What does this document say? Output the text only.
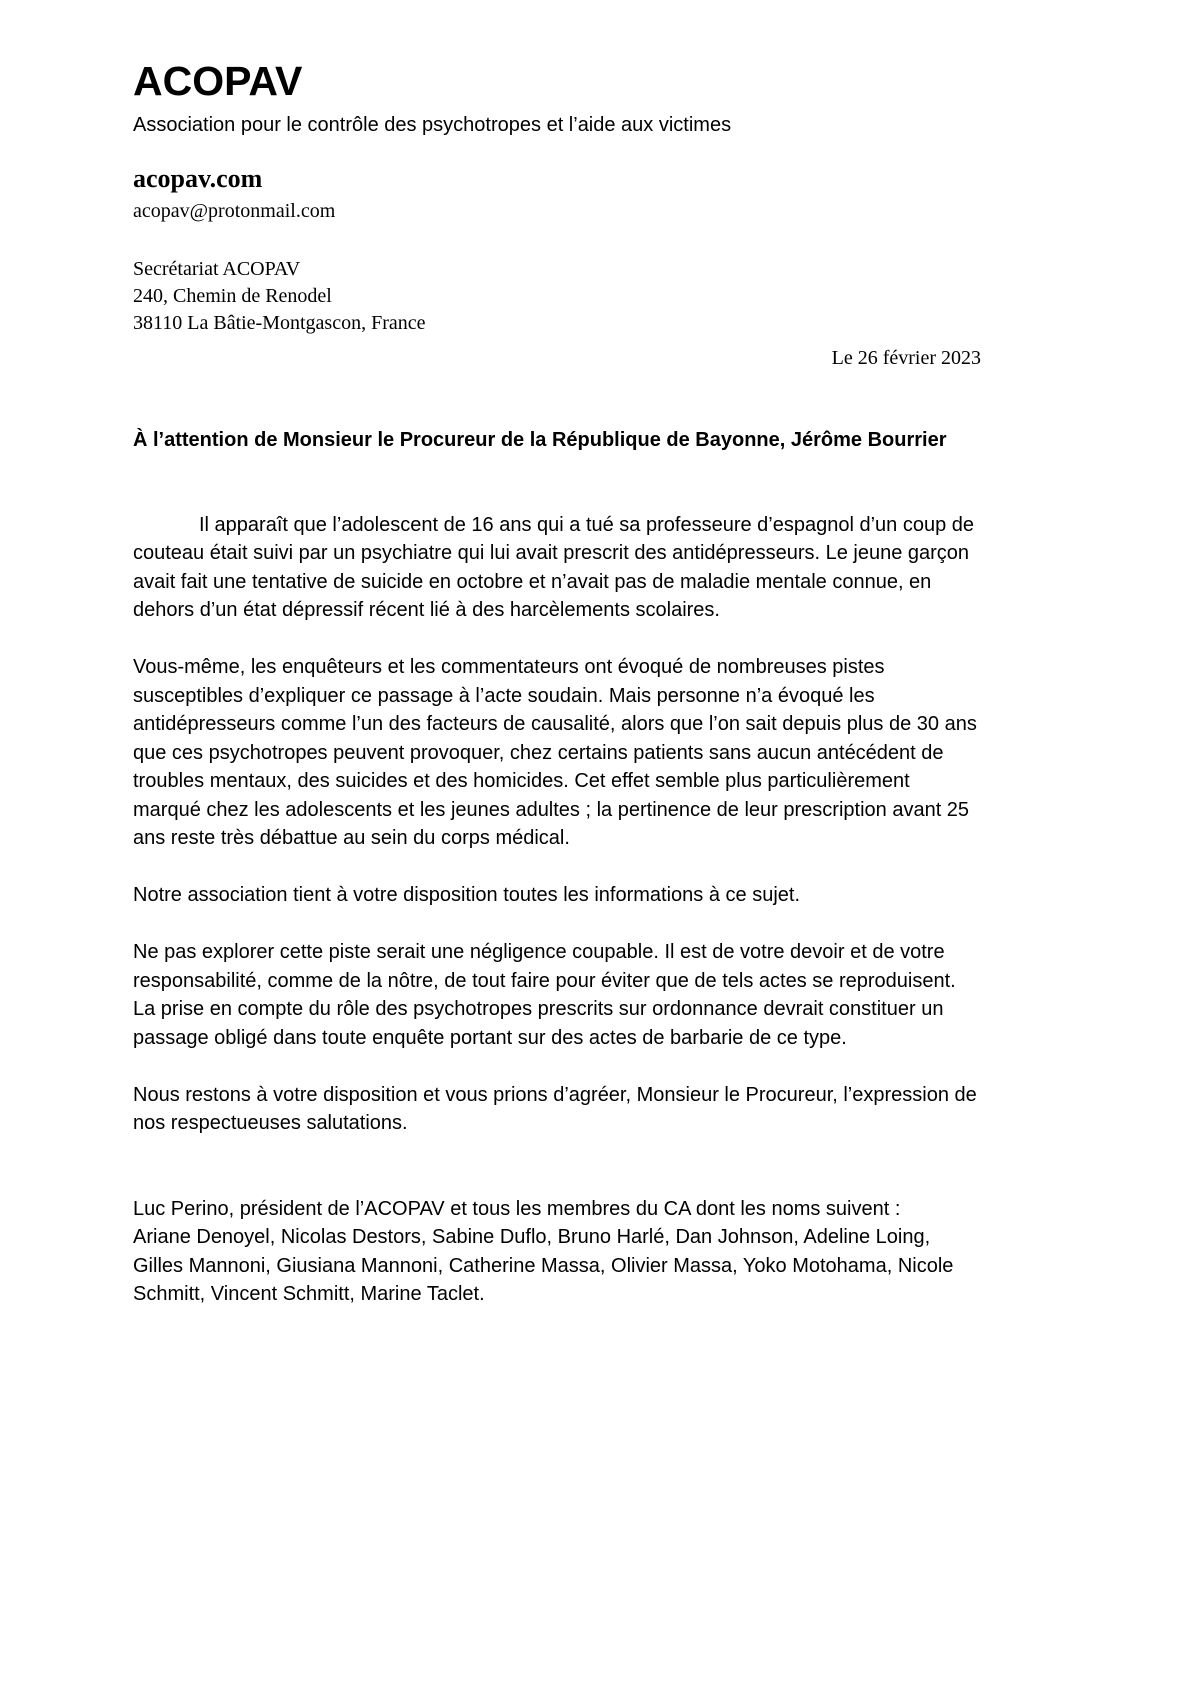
ACOPAV
Association pour le contrôle des psychotropes et l’aide aux victimes
acopav.com
acopav@protonmail.com
Secrétariat ACOPAV
240, Chemin de Renodel
38110 La Bâtie-Montgascon, France
Le 26 février 2023
À l’attention de Monsieur le Procureur de la République de Bayonne, Jérôme Bourrier

Il apparaît que l’adolescent de 16 ans qui a tué sa professeure d’espagnol d’un coup de couteau était suivi par un psychiatre qui lui avait prescrit des antidépresseurs. Le jeune garçon avait fait une tentative de suicide en octobre et n’avait pas de maladie mentale connue, en dehors d’un état dépressif récent lié à des harcèlements scolaires.

Vous-même, les enquêteurs et les commentateurs ont évoqué de nombreuses pistes susceptibles d’expliquer ce passage à l’acte soudain. Mais personne n’a évoqué les antidépresseurs comme l’un des facteurs de causalité, alors que l’on sait depuis plus de 30 ans que ces psychotropes peuvent provoquer, chez certains patients sans aucun antécédent de troubles mentaux, des suicides et des homicides. Cet effet semble plus particulièrement marqué chez les adolescents et les jeunes adultes ; la pertinence de leur prescription avant 25 ans reste très débattue au sein du corps médical.

Notre association tient à votre disposition toutes les informations à ce sujet.

Ne pas explorer cette piste serait une négligence coupable. Il est de votre devoir et de votre responsabilité, comme de la nôtre, de tout faire pour éviter que de tels actes se reproduisent. La prise en compte du rôle des psychotropes prescrits sur ordonnance devrait constituer un passage obligé dans toute enquête portant sur des actes de barbarie de ce type.

Nous restons à votre disposition et vous prions d’agréer, Monsieur le Procureur, l’expression de nos respectueuses salutations.

Luc Perino, président de l’ACOPAV et tous les membres du CA dont les noms suivent :
Ariane Denoyel, Nicolas Destors, Sabine Duflo, Bruno Harlé, Dan Johnson, Adeline Loing, Gilles Mannoni, Giusiana Mannoni, Catherine Massa, Olivier Massa, Yoko Motohama, Nicole Schmitt, Vincent Schmitt, Marine Taclet.
